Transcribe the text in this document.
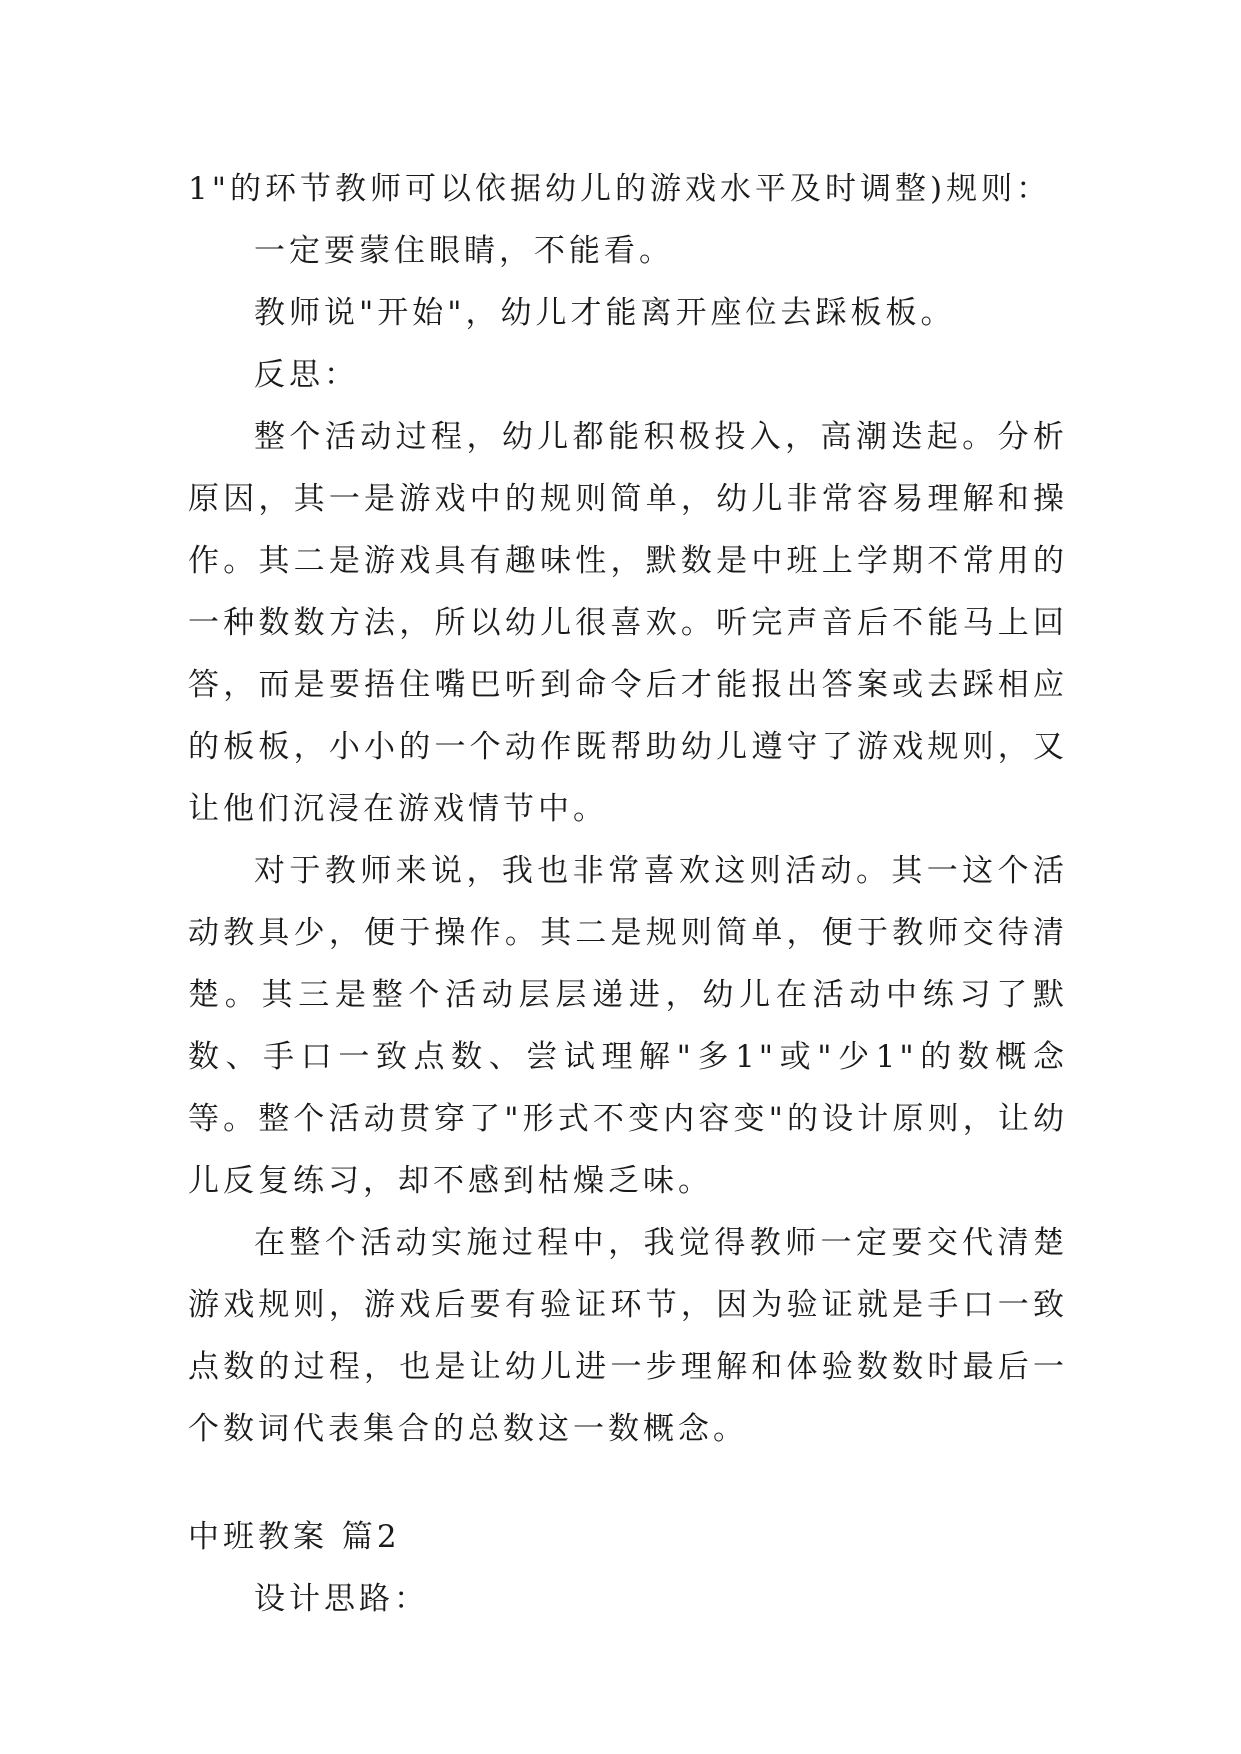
1"的环节教师可以依据幼儿的游戏水平及时调整)规则：

一定要蒙住眼睛，不能看。

教师说"开始"，幼儿才能离开座位去踩板板。

反思：

整个活动过程，幼儿都能积极投入，高潮迭起。分析原因，其一是游戏中的规则简单，幼儿非常容易理解和操作。其二是游戏具有趣味性，默数是中班上学期不常用的一种数数方法，所以幼儿很喜欢。听完声音后不能马上回答，而是要捂住嘴巴听到命令后才能报出答案或去踩相应的板板，小小的一个动作既帮助幼儿遵守了游戏规则，又让他们沉浸在游戏情节中。

对于教师来说，我也非常喜欢这则活动。其一这个活动教具少，便于操作。其二是规则简单，便于教师交待清楚。其三是整个活动层层递进，幼儿在活动中练习了默数、手口一致点数、尝试理解"多1"或"少1"的数概念等。整个活动贯穿了"形式不变内容变"的设计原则，让幼儿反复练习，却不感到枯燥乏味。

在整个活动实施过程中，我觉得教师一定要交代清楚游戏规则，游戏后要有验证环节，因为验证就是手口一致点数的过程，也是让幼儿进一步理解和体验数数时最后一个数词代表集合的总数这一数概念。

中班教案 篇2

设计思路：
